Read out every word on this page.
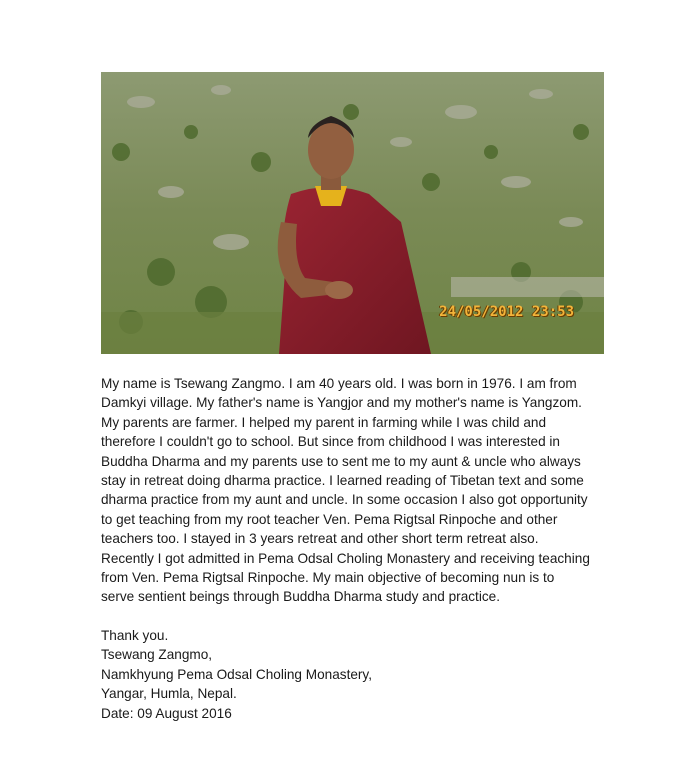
24/05/2012 23:53

My name is Tsewang Zangmo. I am 40 years old. I was born in 1976. I am from
Damkyi village. My father's name is Yangjor and my mother's name is Yangzom.
My parents are farmer. I helped my parent in farming while I was child and
therefore I couldn't go to school. But since from childhood I was interested in
Buddha Dharma and my parents use to sent me to my aunt & uncle who always
stay in retreat doing dharma practice. I learned reading of Tibetan text and some
dharma practice from my aunt and uncle. In some occasion I also got opportunity
to get teaching from my root teacher Ven. Pema Rigtsal Rinpoche and other
teachers too. I stayed in 3 years retreat and other short term retreat also.
Recently I got admitted in Pema Odsal Choling Monastery and receiving teaching
from Ven. Pema Rigtsal Rinpoche. My main objective of becoming nun is to
serve sentient beings through Buddha Dharma study and practice.

Thank you.
Tsewang Zangmo,
Namkhyung Pema Odsal Choling Monastery,
Yangar, Humla, Nepal.
Date: 09 August 2016
